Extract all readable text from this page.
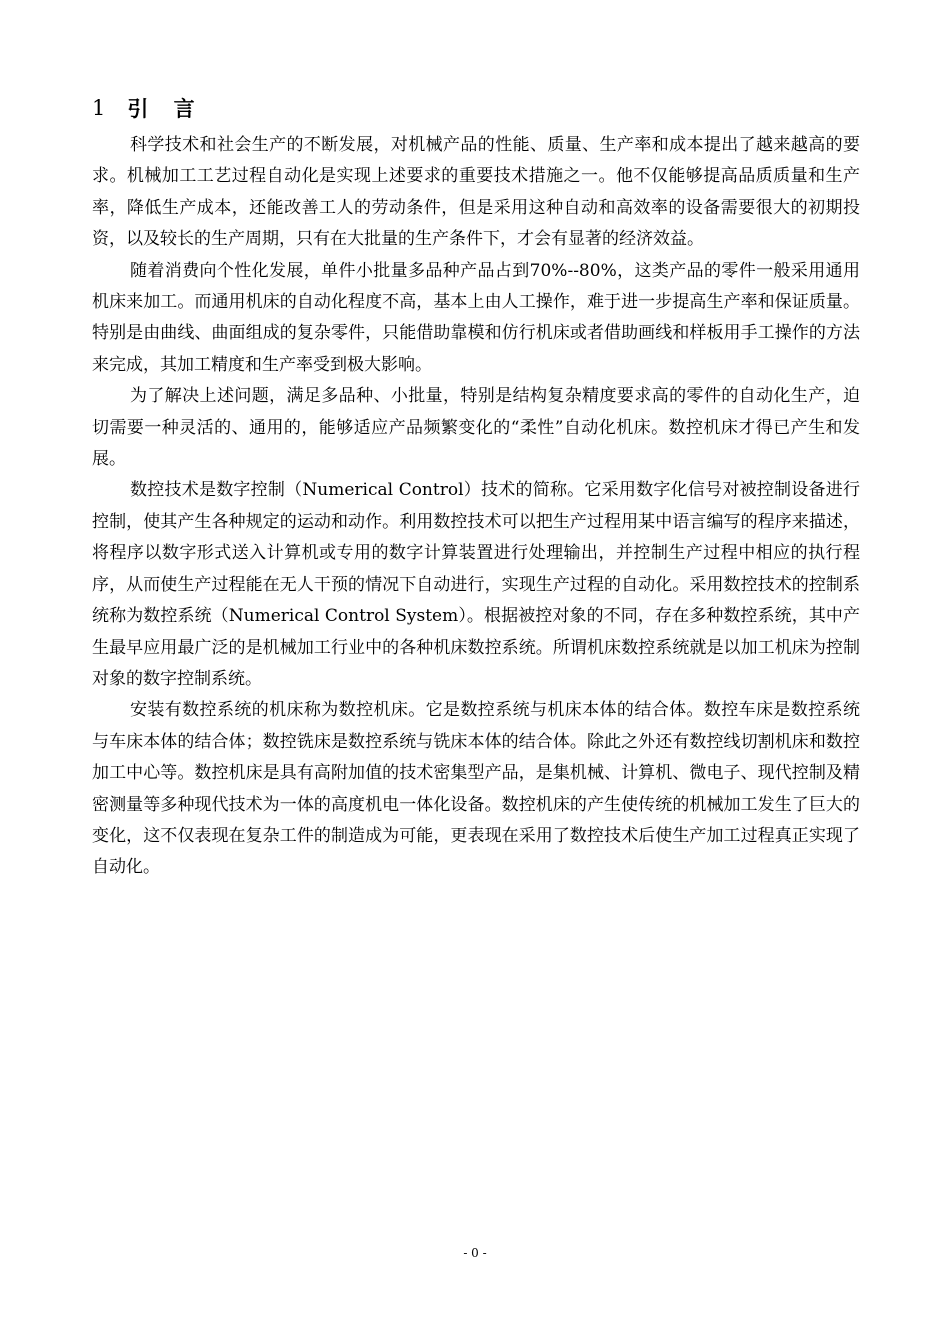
1 引 言

科学技术和社会生产的不断发展，对机械产品的性能、质量、生产率和成本提出了越来越高的要求。机械加工工艺过程自动化是实现上述要求的重要技术措施之一。他不仅能够提高品质质量和生产率，降低生产成本，还能改善工人的劳动条件，但是采用这种自动和高效率的设备需要很大的初期投资，以及较长的生产周期，只有在大批量的生产条件下，才会有显著的经济效益。

随着消费向个性化发展，单件小批量多品种产品占到70%--80%，这类产品的零件一般采用通用机床来加工。而通用机床的自动化程度不高，基本上由人工操作，难于进一步提高生产率和保证质量。特别是由曲线、曲面组成的复杂零件，只能借助靠模和仿行机床或者借助画线和样板用手工操作的方法来完成，其加工精度和生产率受到极大影响。

为了解决上述问题，满足多品种、小批量，特别是结构复杂精度要求高的零件的自动化生产，迫切需要一种灵活的、通用的，能够适应产品频繁变化的“柔性”自动化机床。数控机床才得已产生和发展。

数控技术是数字控制（Numerical Control）技术的简称。它采用数字化信号对被控制设备进行控制，使其产生各种规定的运动和动作。利用数控技术可以把生产过程用某中语言编写的程序来描述，将程序以数字形式送入计算机或专用的数字计算装置进行处理输出，并控制生产过程中相应的执行程序，从而使生产过程能在无人干预的情况下自动进行，实现生产过程的自动化。采用数控技术的控制系统称为数控系统（Numerical Control System）。根据被控对象的不同，存在多种数控系统，其中产生最早应用最广泛的是机械加工行业中的各种机床数控系统。所谓机床数控系统就是以加工机床为控制对象的数字控制系统。

安装有数控系统的机床称为数控机床。它是数控系统与机床本体的结合体。数控车床是数控系统与车床本体的结合体；数控铣床是数控系统与铣床本体的结合体。除此之外还有数控线切割机床和数控加工中心等。数控机床是具有高附加值的技术密集型产品，是集机械、计算机、微电子、现代控制及精密测量等多种现代技术为一体的高度机电一体化设备。数控机床的产生使传统的机械加工发生了巨大的变化，这不仅表现在复杂工件的制造成为可能，更表现在采用了数控技术后使生产加工过程真正实现了自动化。

- 0 -
